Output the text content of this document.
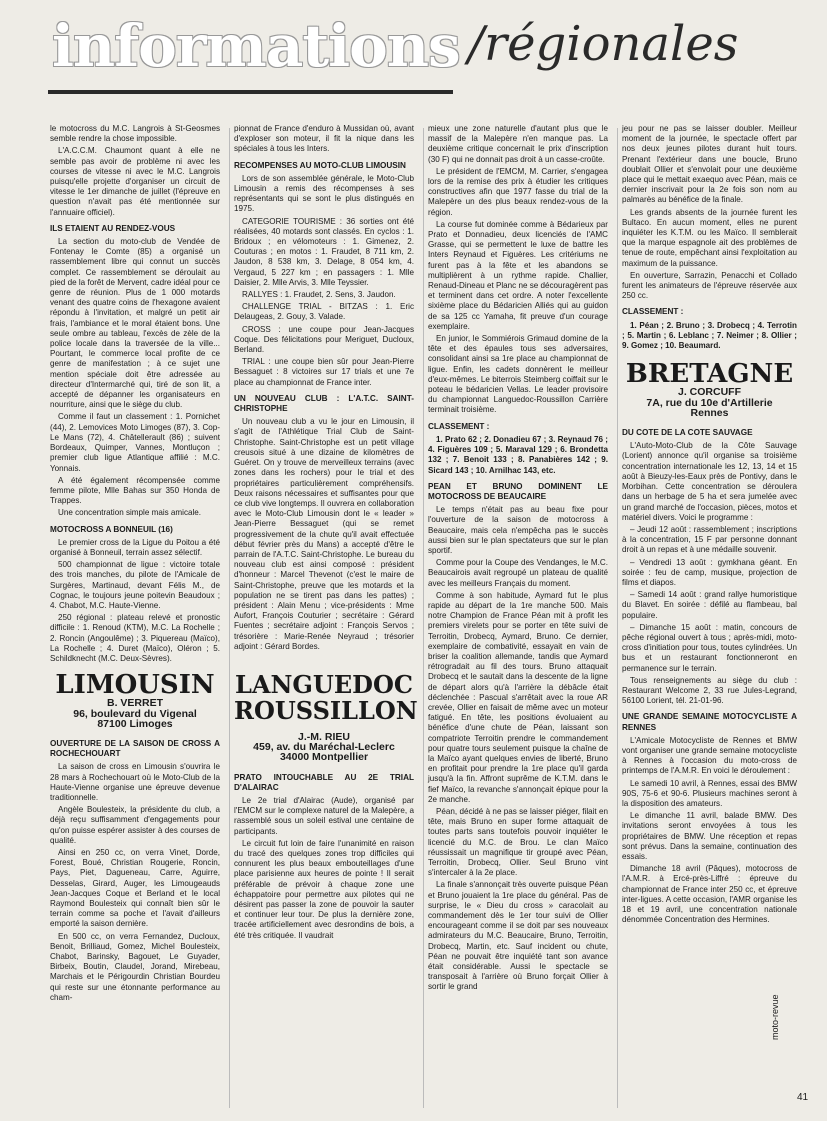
informations /régionales

le motocross du M.C. Langrois à St-Geosmes semble rendre la chose impossible.

L'A.C.C.M. Chaumont quant à elle ne semble pas avoir de problème ni avec les courses de vitesse ni avec le M.C. Langrois puisqu'elle projette d'organiser un circuit de vitesse le 1er dimanche de juillet (l'épreuve en question n'avait pas été mentionnée sur l'annuaire officiel).

ILS ETAIENT AU RENDEZ-VOUS

La section du moto-club de Vendée de Fontenay le Comte (85) a organisé un rassemblement libre qui connut un succès complet. Ce rassemblement se déroulait au pied de la forêt de Mervent, cadre idéal pour ce genre de réunion. Plus de 1 000 motards venant des quatre coins de l'hexagone avaient répondu à l'invitation, et malgré un petit air frais, l'ambiance et le moral étaient bons. Une seule ombre au tableau, l'excès de zèle de la police locale dans la traversée de la ville... Pourtant, le commerce local profite de ce genre de manifestation ; à ce sujet une mention spéciale doit être adressée au directeur d'Intermarché qui, tiré de son lit, a accepté de dépanner les organisateurs en nourriture, ainsi que le siège du club.

Comme il faut un classement : 1. Pornichet (44), 2. Lemovices Moto Limoges (87), 3. Cop-Le Mans (72), 4. Châtellerault (86) ; suivent Bordeaux, Quimper, Vannes, Montluçon ; premier club ligue Atlantique affilié : M.C. Yonnais.

A été également récompensée comme femme pilote, Mlle Bahas sur 350 Honda de Trappes.

Une concentration simple mais amicale.

MOTOCROSS A BONNEUIL (16)

Le premier cross de la Ligue du Poitou a été organisé à Bonneuil, terrain assez sélectif.

500 championnat de ligue : victoire totale des trois manches, du pilote de l'Amicale de Surgères, Martinaud, devant Félis M., de Cognac, le toujours jeune poitevin Beaudoux ; 4. Chabot, M.C. Haute-Vienne.

250 régional : plateau relevé et pronostic difficile : 1. Renoud (KTM), M.C. La Rochelle ; 2. Roncin (Angoulême) ; 3. Piquereau (Maïco), La Rochelle ; 4. Duret (Maïco), Oléron ; 5. Schildknecht (M.C. Deux-Sèvres).

LIMOUSIN
B. VERRET
96, boulevard du Vigenal
87100 Limoges
OUVERTURE DE LA SAISON DE CROSS A ROCHECHOUART

La saison de cross en Limousin s'ouvrira le 28 mars à Rochechouart où le Moto-Club de la Haute-Vienne organise une épreuve devenue traditionnelle.

Angèle Boulesteix, la présidente du club, a déjà reçu suffisamment d'engagements pour qu'on puisse espérer assister à des courses de qualité.

Ainsi en 250 cc, on verra Vinet, Dorde, Forest, Boué, Christian Rougerie, Roncin, Pays, Piet, Dagueneau, Carre, Aguirre, Desselas, Girard, Auger, les Limougeauds Jean-Jacques Coque et Berland et le local Raymond Boulesteix qui connaît bien sûr le terrain comme sa poche et l'avait d'ailleurs emporté la saison dernière.

En 500 cc, on verra Fernandez, Ducloux, Benoit, Brilliaud, Gomez, Michel Boulesteix, Chabot, Barinsky, Bagouet, Le Guyader, Birbeix, Boutin, Claudel, Jorand, Mirebeau, Marchais et le Périgourdin Christian Bourdeu qui reste sur une étonnante performance au cham-

pionnat de France d'enduro à Mussidan où, avant d'exploser son moteur, il fit la nique dans les spéciales à tous les Inters.

RECOMPENSES AU MOTO-CLUB LIMOUSIN

Lors de son assemblée générale, le Moto-Club Limousin a remis des récompenses à ses représentants qui se sont le plus distingués en 1975.

CATEGORIE TOURISME : 36 sorties ont été réalisées, 40 motards sont classés. En cyclos : 1. Bridoux ; en vélomoteurs : 1. Gimenez, 2. Couturas ; en motos : 1. Fraudet, 8 711 km, 2. Jaudon, 8 538 km, 3. Delage, 8 054 km, 4. Vergaud, 5 227 km ; en passagers : 1. Mlle Daisier, 2. Mlle Arvis, 3. Mlle Teyssier.

RALLYES : 1. Fraudet, 2. Sens, 3. Jaudon.

CHALLENGE TRIAL - BITZAS : 1. Eric Delaugeas, 2. Gouy, 3. Valade.

CROSS : une coupe pour Jean-Jacques Coque. Des félicitations pour Meriguet, Ducloux, Berland.

TRIAL : une coupe bien sûr pour Jean-Pierre Bessaguet : 8 victoires sur 17 trials et une 7e place au championnat de France inter.

UN NOUVEAU CLUB : L'A.T.C. SAINT-CHRISTOPHE

Un nouveau club a vu le jour en Limousin, il s'agit de l'Athlétique Trial Club de Saint-Christophe. Saint-Christophe est un petit village creusois situé à une dizaine de kilomètres de Guéret. On y trouve de merveilleux terrains (avec zones dans les rochers) pour le trial et des propriétaires particulièrement compréhensifs. Deux raisons nécessaires et suffisantes pour que ce club vive longtemps. Il ouvrera en collaboration avec le Moto-Club Limousin dont le « leader » Jean-Pierre Bessaguet (qui se remet progressivement de la chute qu'il avait effectuée début février près du Mans) a accepté d'être le parrain de l'A.T.C. Saint-Christophe. Le bureau du nouveau club est ainsi composé : président d'honneur : Marcel Thevenot (c'est le maire de Saint-Christophe, preuve que les motards et la population ne se tirent pas dans les pattes) ; président : Alain Menu ; vice-présidents : Mme Aufort, François Couturier ; secrétaire : Gérard Fuentes ; secrétaire adjoint : François Servos ; trésorière : Marie-Renée Neyraud ; trésorier adjoint : Gérard Bordes.

LANGUEDOC
ROUSSILLON
J.-M. RIEU
459, av. du Maréchal-Leclerc
34000 Montpellier
PRATO INTOUCHABLE AU 2E TRIAL D'ALAIRAC

Le 2e trial d'Alairac (Aude), organisé par l'EMCM sur le complexe naturel de la Malepère, a rassemblé sous un soleil estival une centaine de participants.

Le circuit fut loin de faire l'unanimité en raison du tracé des quelques zones trop difficiles qui connurent les plus beaux embouteillages d'une place parisienne aux heures de pointe ! Il serait préférable de prévoir à chaque zone une échappatoire pour permettre aux pilotes qui ne désirent pas passer la zone de pouvoir la sauter et continuer leur tour. De plus la dernière zone, tracée artificiellement avec desrondins de bois, a été très critiquée. Il vaudrait

mieux une zone naturelle d'autant plus que le massif de la Malepère n'en manque pas. La deuxième critique concernait le prix d'inscription (30 F) qui ne donnait pas droit à un casse-croûte.

Le président de l'EMCM, M. Carrier, s'engagea lors de la remise des prix à étudier les critiques constructives afin que 1977 fasse du trial de la Malepère un des plus beaux rendez-vous de la région.

La course fut dominée comme à Bédarieux par Prato et Donnadieu, deux licenciés de l'AMC Grasse, qui se permettent le luxe de battre les Inters Reynaud et Figuères. Les critériums ne furent pas à la fête et les abandons se multiplièrent à un rythme rapide. Challier, Renaud-Dineau et Planc ne se découragèrent pas et terminent dans cet ordre. A noter l'excellente sixième place du Bédaricien Alliés qui au guidon de sa 125 cc Yamaha, fit preuve d'un courage exemplaire.

En junior, le Sommiérois Grimaud domine de la tête et des épaules tous ses adversaires, consolidant ainsi sa 1re place au championnat de ligue. Enfin, les cadets donnèrent le meilleur d'eux-mêmes. Le biterrois Steimberg coiffait sur le poteau le bédaricien Vellas. Le leader provisoire du championnat Languedoc-Roussillon Carrière terminait troisième.

CLASSEMENT :

1. Prato 62 ; 2. Donadieu 67 ; 3. Reynaud 76 ; 4. Figuères 109 ; 5. Maraval 129 ; 6. Brondetta 132 ; 7. Benoit 133 ; 8. Panabières 142 ; 9. Sicard 143 ; 10. Arnilhac 143, etc.

PEAN ET BRUNO DOMINENT LE MOTOCROSS DE BEAUCAIRE

Le temps n'était pas au beau fixe pour l'ouverture de la saison de motocross à Beaucaire, mais cela n'empêcha pas le succès aussi bien sur le plan spectateurs que sur le plan sportif.

Comme pour la Coupe des Vendanges, le M.C. Beaucairois avait regroupé un plateau de qualité avec les meilleurs Français du moment.

Comme à son habitude, Aymard fut le plus rapide au départ de la 1re manche 500. Mais notre Champion de France Péan mit à profit les premiers virelets pour se porter en tête suivi de Terroitin, Drobecq, Aymard, Bruno. Ce dernier, exemplaire de combativité, essayait en vain de briser la coalition allemande, tandis que Aymard rétrogradait au fil des tours. Bruno attaquait Drobecq et le sautait dans la descente de la ligne de départ alors qu'à l'arrière la débâcle était déclenchée : Pascual s'arrêtait avec la roue AR crevée, Ollier en faisait de même avec un moteur fatigué. En tête, les positions évoluaient au bénéfice d'une chute de Péan, laissant son compatriote Terroitin prendre le commandement pour quatre tours seulement puisque la chaîne de la Maïco ayant quelques envies de liberté, Bruno en profitait pour prendre la 1re place qu'il garda jusqu'à la fin. Affront suprême de K.T.M. dans le fief Maïco, la revanche s'annonçait épique pour la 2e manche.

Péan, décidé à ne pas se laisser piéger, filait en tête, mais Bruno en super forme attaquait de toutes parts sans toutefois pouvoir inquiéter le licencié du M.C. de Brou. Le clan Maïco réussissait un magnifique tir groupé avec Péan, Terroitin, Drobecq, Ollier. Seul Bruno vint s'intercaler à la 2e place.

La finale s'annonçait très ouverte puisque Péan et Bruno jouaient la 1re place du général. Pas de surprise, le « Dieu du cross » caracolait au commandement dès le 1er tour suivi de Ollier encourageant comme il se doit par ses nouveaux admirateurs du M.C. Beaucaire, Bruno, Terroitin, Drobecq, Martin, etc. Sauf incident ou chute, Péan ne pouvait être inquiété tant son avance était considérable. Aussi le spectacle se transposait à l'arrière où Bruno forçait Ollier à sortir le grand

jeu pour ne pas se laisser doubler. Meilleur moment de la journée, le spectacle offert par nos deux jeunes pilotes durant huit tours. Prenant l'extérieur dans une boucle, Bruno doublait Ollier et s'envolait pour une deuxième place qui le mettait exaequo avec Péan, mais ce dernier inscrivait pour la 2e fois son nom au palmarès au bénéfice de la finale.

Les grands absents de la journée furent les Bultaco. En aucun moment, elles ne purent inquiéter les K.T.M. ou les Maïco. Il semblerait que la marque espagnole ait des problèmes de tenue de route, empêchant ainsi l'exploitation au maximum de la puissance.

En ouverture, Sarrazin, Penacchi et Collado furent les animateurs de l'épreuve réservée aux 250 cc.

CLASSEMENT :

1. Péan ; 2. Bruno ; 3. Drobecq ; 4. Terrotin ; 5. Martin ; 6. Leblanc ; 7. Neimer ; 8. Ollier ; 9. Gomez ; 10. Beaumard.

BRETAGNE
J. CORCUFF
7A, rue du 10e d'Artillerie
Rennes
DU COTE DE LA COTE SAUVAGE

L'Auto-Moto-Club de la Côte Sauvage (Lorient) annonce qu'il organise sa troisième concentration internationale les 12, 13, 14 et 15 août à Bieuzy-les-Eaux près de Pontivy, dans le Morbihan. Cette concentration se déroulera dans un herbage de 5 ha et sera jumelée avec un grand marché de l'occasion, pièces, motos et matériel divers. Voici le programme :

– Jeudi 12 août : rassemblement ; inscriptions à la concentration, 15 F par personne donnant droit à un repas et à une médaille souvenir.

– Vendredi 13 août : gymkhana géant. En soirée : feu de camp, musique, projection de films et diapos.

– Samedi 14 août : grand rallye humoristique du Blavet. En soirée : défilé au flambeau, bal populaire.

– Dimanche 15 août : matin, concours de pêche régional ouvert à tous ; après-midi, moto-cross d'initiation pour tous, toutes cylindrées. Un bus et un restaurant fonctionneront en permanence sur le terrain.

Tous renseignements au siège du club : Restaurant Welcome 2, 33 rue Jules-Legrand, 56100 Lorient, tél. 21-01-96.

UNE GRANDE SEMAINE MOTOCYCLISTE A RENNES

L'Amicale Motocycliste de Rennes et BMW vont organiser une grande semaine motocycliste à Rennes à l'occasion du moto-cross de printemps de l'A.M.R. En voici le déroulement :

Le samedi 10 avril, à Rennes, essai des BMW 90S, 75-6 et 90-6. Plusieurs machines seront à la disposition des amateurs.

Le dimanche 11 avril, balade BMW. Des invitations seront envoyées à tous les propriétaires de BMW. Une réception et repas sont prévus. Dans la semaine, continuation des essais.

Dimanche 18 avril (Pâques), motocross de l'A.M.R. à Ercé-près-Liffré : épreuve du championnat de France inter 250 cc, et épreuve inter-ligues. A cette occasion, l'AMR organise les 18 et 19 avril, une concentration nationale dénommée Concentration des Hermines.

moto-revue
41
